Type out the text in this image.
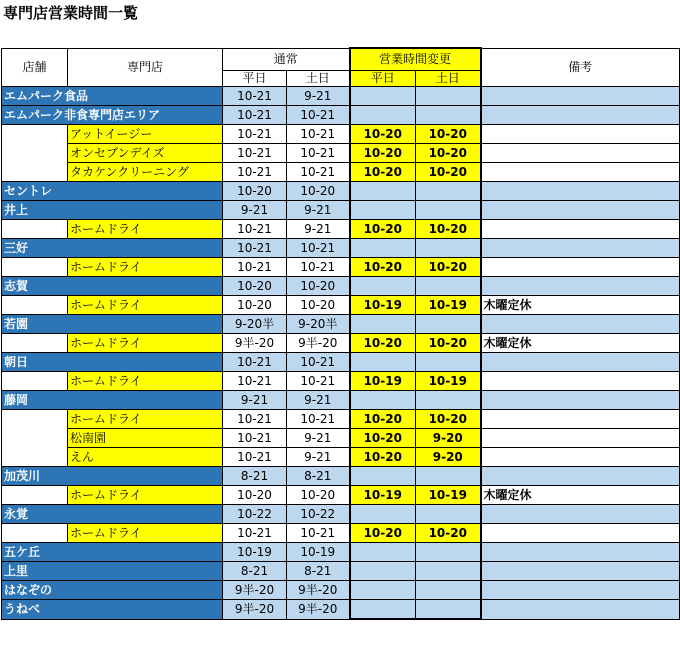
専門店営業時間一覧
店舗	専門店	通常		営業時間変更		備考
		平日	土日	平日	土日	
エムパーク食品		10-21	9-21			
エムパーク非食専門店エリア		10-21	10-21			
	アットイージー	10-21	10-21	10-20	10-20	
	オンセブンデイズ	10-21	10-21	10-20	10-20	
	タカケンクリーニング	10-21	10-21	10-20	10-20	
セントレ		10-20	10-20			
井上		9-21	9-21			
	ホームドライ	10-21	9-21	10-20	10-20	
三好		10-21	10-21			
	ホームドライ	10-21	10-21	10-20	10-20	
志賀		10-20	10-20			
	ホームドライ	10-20	10-20	10-19	10-19	木曜定休
若園		9-20半	9-20半			
	ホームドライ	9半-20	9半-20	10-20	10-20	木曜定休
朝日		10-21	10-21			
	ホームドライ	10-21	10-21	10-19	10-19	
藤岡		9-21	9-21			
	ホームドライ	10-21	10-21	10-20	10-20	
	松南園	10-21	9-21	10-20	9-20	
	えん	10-21	9-21	10-20	9-20	
加茂川		8-21	8-21			
	ホームドライ	10-20	10-20	10-19	10-19	木曜定休
永覚		10-22	10-22			
	ホームドライ	10-21	10-21	10-20	10-20	
五ケ丘		10-19	10-19			
上里		8-21	8-21			
はなぞの		9半-20	9半-20			
うねべ		9半-20	9半-20			
